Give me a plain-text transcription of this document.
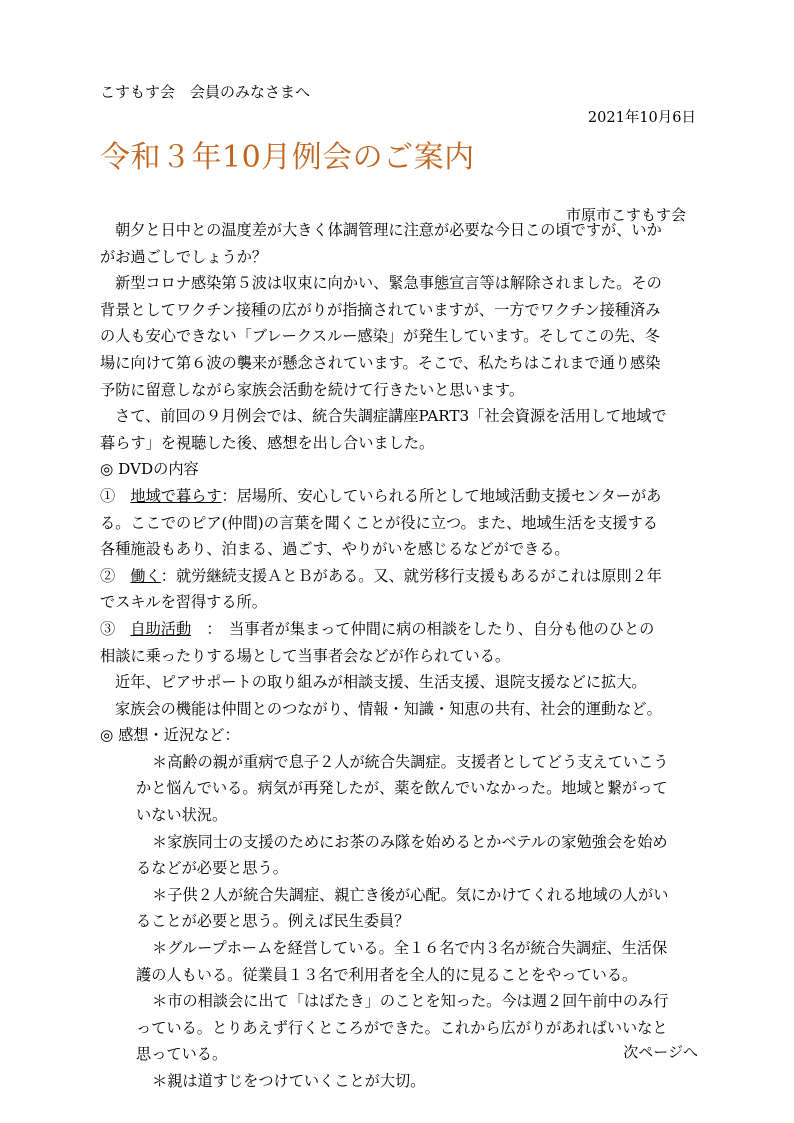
こすもす会　会員のみなさまへ
2021年10月6日
令和３年10月例会のご案内
市原市こすもす会
朝夕と日中との温度差が大きく体調管理に注意が必要な今日この頃ですが、いか
がお過ごしでしょうか？
新型コロナ感染第５波は収束に向かい、緊急事態宣言等は解除されました。その
背景としてワクチン接種の広がりが指摘されていますが、一方でワクチン接種済み
の人も安心できない「ブレークスルー感染」が発生しています。そしてこの先、冬
場に向けて第６波の襲来が懸念されています。そこで、私たちはこれまで通り感染
予防に留意しながら家族会活動を続けて行きたいと思います。
さて、前回の９月例会では、統合失調症講座PART3「社会資源を活用して地域で
暮らす」を視聴した後、感想を出し合いました。
◎ DVDの内容
①　 地域で暮らす：居場所、安心していられる所として地域活動支援センターがあ
る。ここでのピア(仲間)の言葉を聞くことが役に立つ。また、地域生活を支援する
各種施設もあり、泊まる、過ごす、やりがいを感じるなどができる。
②　 働く：就労継続支援ＡとＢがある。又、就労移行支援もあるがこれは原則２年
でスキルを習得する所。
③　 自助活動　：　当事者が集まって仲間に病の相談をしたり、自分も他のひとの
相談に乗ったりする場として当事者会などが作られている。
近年、ピアサポートの取り組みが相談支援、生活支援、退院支援などに拡大。
家族会の機能は仲間とのつながり、情報・知識・知恵の共有、社会的運動など。
◎ 感想・近況など：
＊高齢の親が重病で息子２人が統合失調症。支援者としてどう支えていこう
かと悩んでいる。病気が再発したが、薬を飲んでいなかった。地域と繋がって
いない状況。
＊家族同士の支援のためにお茶のみ隊を始めるとかベテルの家勉強会を始め
るなどが必要と思う。
＊子供２人が統合失調症、親亡き後が心配。気にかけてくれる地域の人がい
ることが必要と思う。例えば民生委員？
＊グループホームを経営している。全１６名で内３名が統合失調症、生活保
護の人もいる。従業員１３名で利用者を全人的に見ることをやっている。
＊市の相談会に出て「はばたき」のことを知った。今は週２回午前中のみ行
っている。とりあえず行くところができた。これから広がりがあればいいなと
思っている。
＊親は道すじをつけていくことが大切。
次ページへ
